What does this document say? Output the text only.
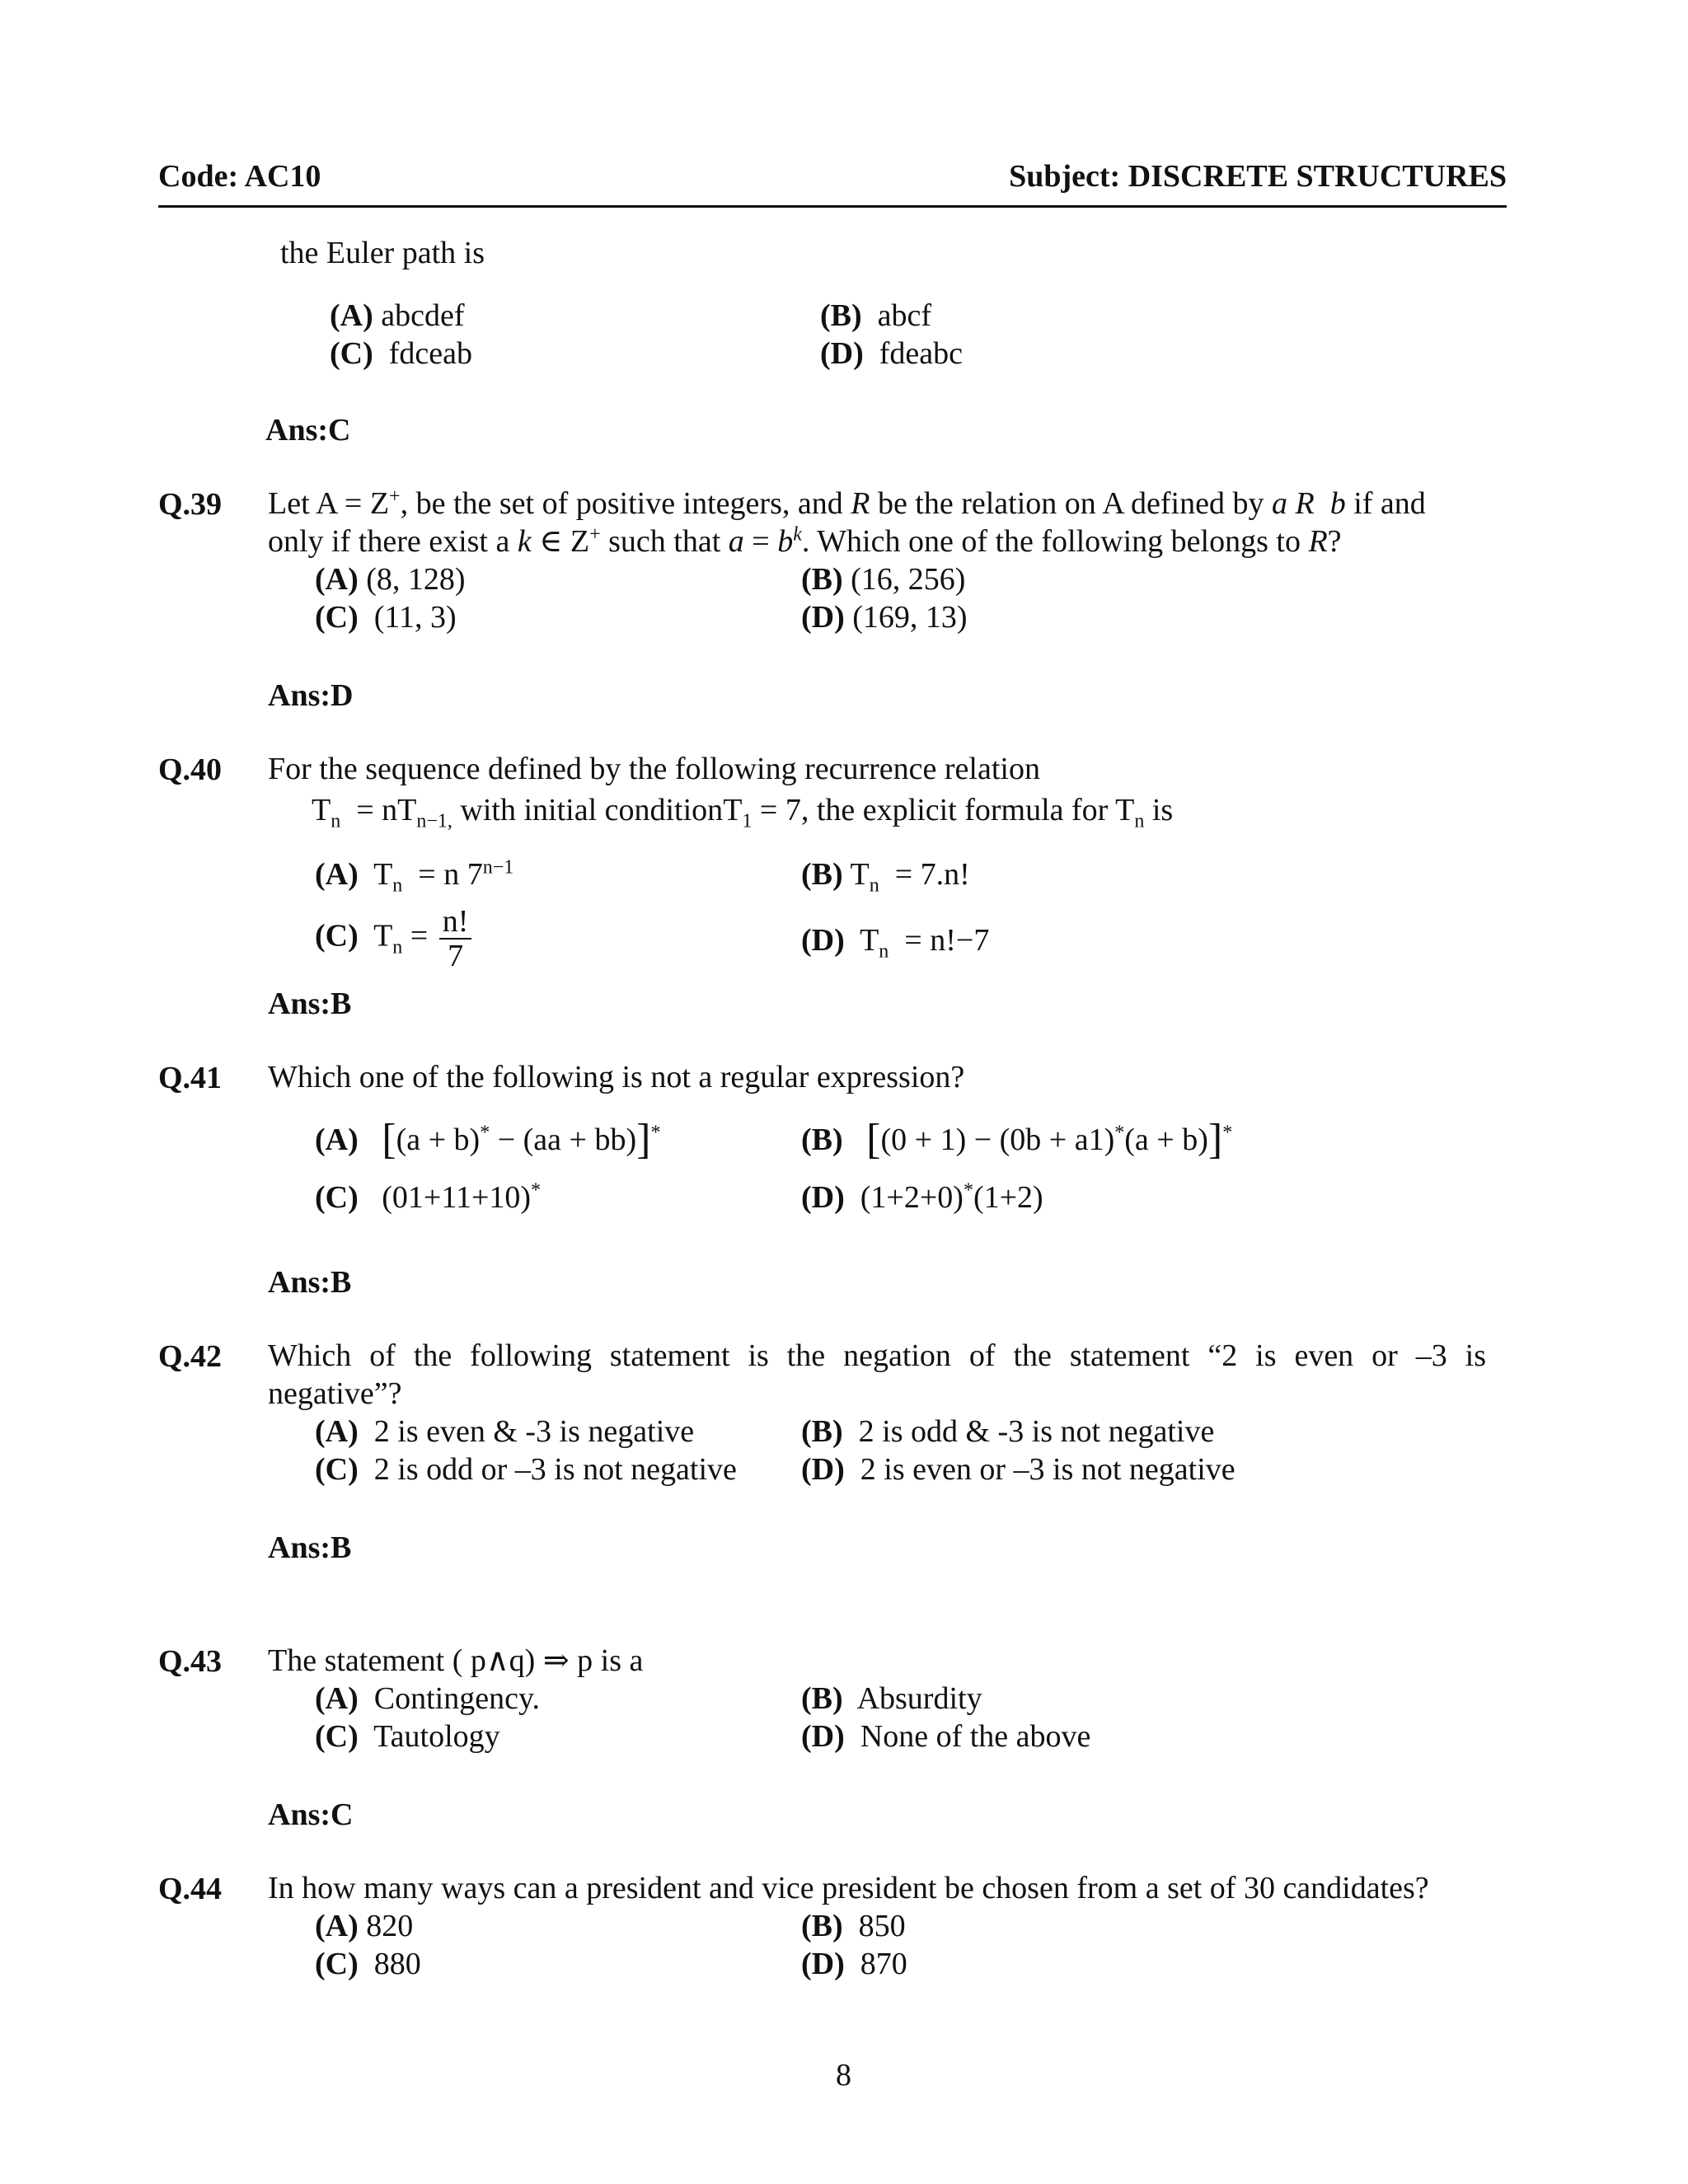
Code: AC10	Subject: DISCRETE STRUCTURES
the Euler path is
(A) abcdef	(B) abcf
(C) fdceab	(D) fdeabc
Ans:C
Q.39 Let A = Z+, be the set of positive integers, and R be the relation on A defined by a R  b if and
only if there exist a k ∈ Z+ such that $a = b^k$. Which one of the following belongs to R?
(A) (8, 128)	(B) (16, 256)
(C) (11, 3)	(D) (169, 13)
Ans:D
Q.40 For the sequence defined by the following recurrence relation
$T_n = nT_{n-1,}$ with initial conditionT$_1$ = 7, the explicit formula for $T_n$ is
(A)  $T_n = n$ $7^{n-1}$	(B) $T_n = 7.n$!
(C)  $T_n = \frac{n!}{7}$	(D)  $T_n = n!-7$
Ans:B
Q.41 Which one of the following is not a regular expression?
(A) [(a + b)* − (aa + bb)]*	(B) [(0 + 1) − (0b + a1)*(a + b)]*
(C)   (01+11+10)*	(D)  (1+2+0)*(1+2)
Ans:B
Q.42 Which of the following statement is the negation of the statement “2 is even or –3 is
negative”?
(A) 2 is even & -3 is negative	(B) 2 is odd & -3 is not negative
(C) 2 is odd or –3 is not negative (D) 2 is even or –3 is not negative
Ans:B
Q.43 The statement ( p∧q) ⇒ p is a
(A) Contingency.	(B) Absurdity
(C) Tautology	(D) None of the above
Ans:C
Q.44 In how many ways can a president and vice president be chosen from a set of 30 candidates?
(A) 820	(B) 850
(C) 880	(D) 870
8
